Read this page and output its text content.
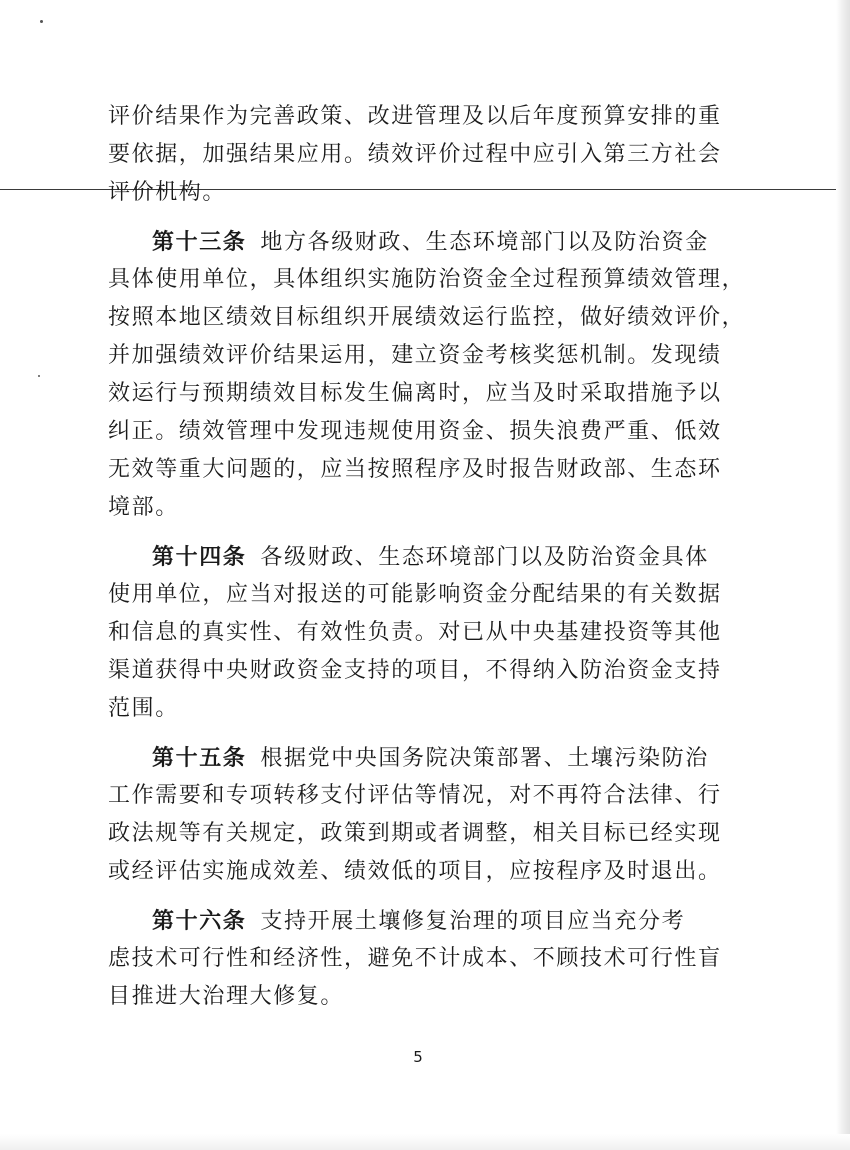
评价结果作为完善政策、改进管理及以后年度预算安排的重
要依据，加强结果应用。绩效评价过程中应引入第三方社会
评价机构。
第十三条 地方各级财政、生态环境部门以及防治资金
具体使用单位，具体组织实施防治资金全过程预算绩效管理，
按照本地区绩效目标组织开展绩效运行监控，做好绩效评价，
并加强绩效评价结果运用，建立资金考核奖惩机制。发现绩
效运行与预期绩效目标发生偏离时，应当及时采取措施予以
纠正。绩效管理中发现违规使用资金、损失浪费严重、低效
无效等重大问题的，应当按照程序及时报告财政部、生态环
境部。
第十四条 各级财政、生态环境部门以及防治资金具体
使用单位，应当对报送的可能影响资金分配结果的有关数据
和信息的真实性、有效性负责。对已从中央基建投资等其他
渠道获得中央财政资金支持的项目，不得纳入防治资金支持
范围。
第十五条 根据党中央国务院决策部署、土壤污染防治
工作需要和专项转移支付评估等情况，对不再符合法律、行
政法规等有关规定，政策到期或者调整，相关目标已经实现
或经评估实施成效差、绩效低的项目，应按程序及时退出。
第十六条 支持开展土壤修复治理的项目应当充分考
虑技术可行性和经济性，避免不计成本、不顾技术可行性盲
目推进大治理大修复。
5
